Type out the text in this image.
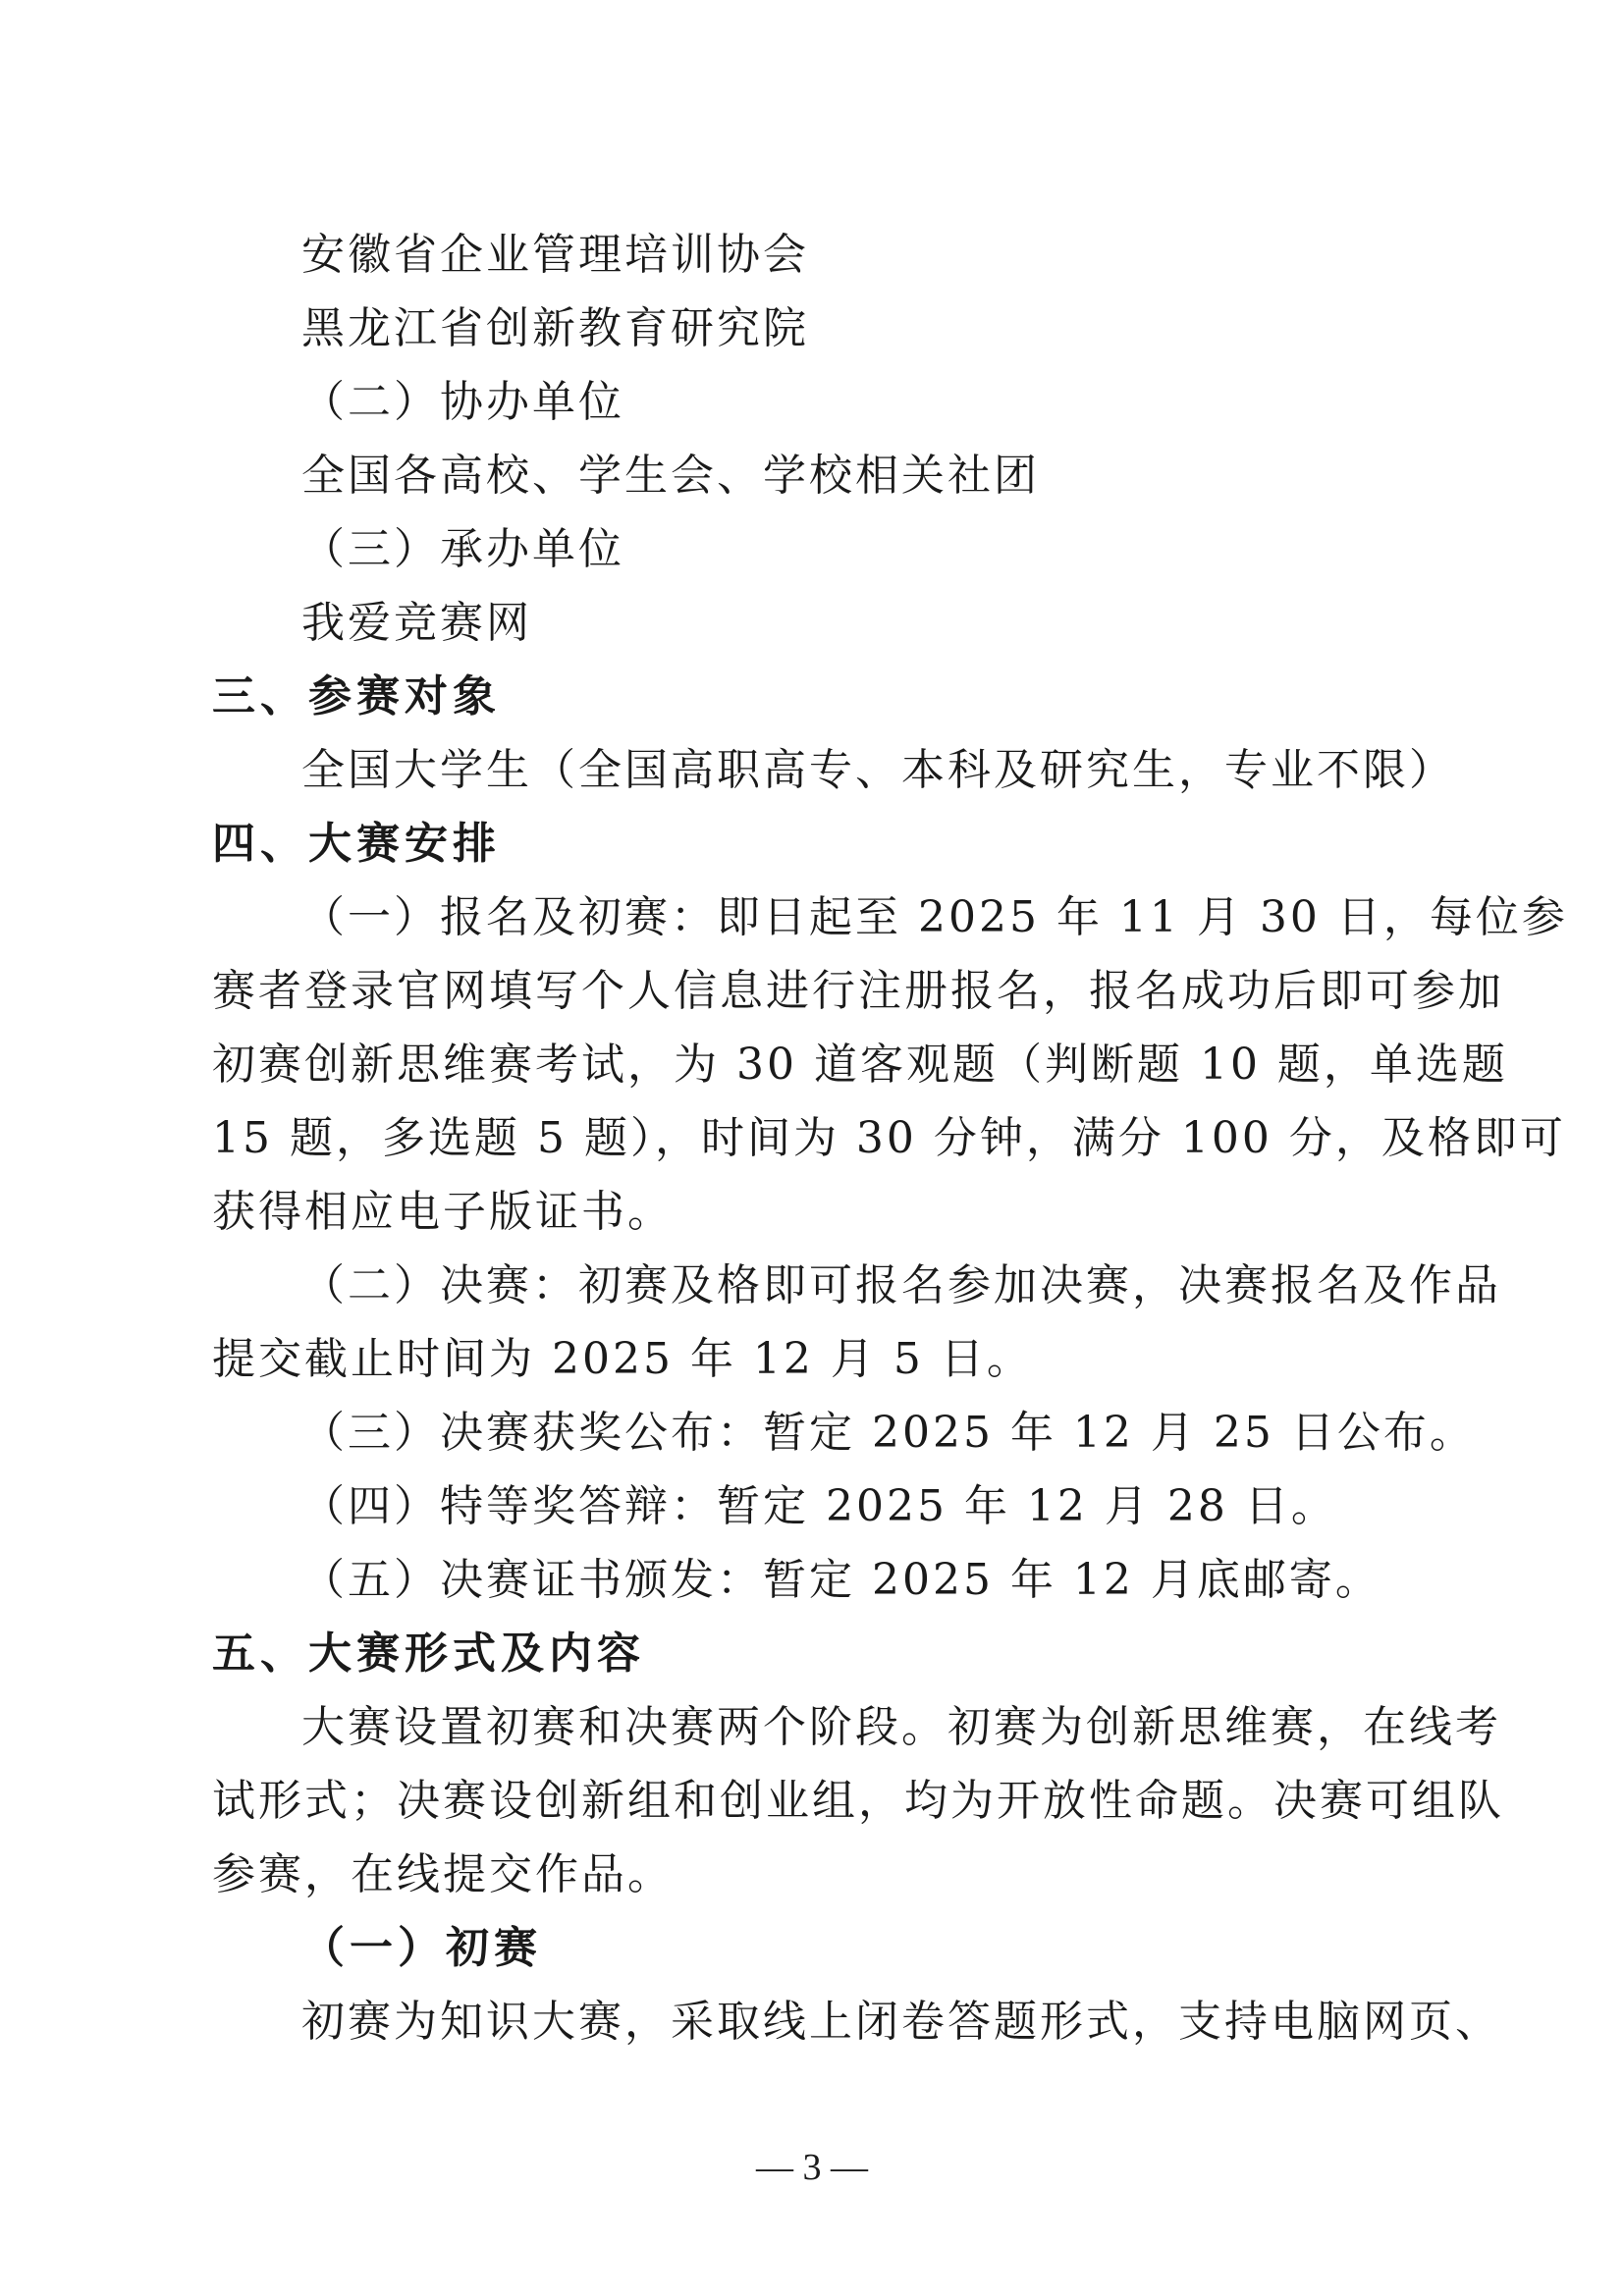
安徽省企业管理培训协会
黑龙江省创新教育研究院
（二）协办单位
全国各高校、学生会、学校相关社团
（三）承办单位
我爱竞赛网
三、参赛对象
全国大学生（全国高职高专、本科及研究生，专业不限）
四、大赛安排
（一）报名及初赛：即日起至 2025 年 11 月 30 日，每位参
赛者登录官网填写个人信息进行注册报名，报名成功后即可参加
初赛创新思维赛考试，为 30 道客观题（判断题 10 题，单选题
15 题，多选题 5 题），时间为 30 分钟，满分 100 分，及格即可
获得相应电子版证书。
（二）决赛：初赛及格即可报名参加决赛，决赛报名及作品
提交截止时间为 2025 年 12 月 5 日。
（三）决赛获奖公布：暂定 2025 年 12 月 25 日公布。
（四）特等奖答辩：暂定 2025 年 12 月 28 日。
（五）决赛证书颁发：暂定 2025 年 12 月底邮寄。
五、大赛形式及内容
大赛设置初赛和决赛两个阶段。初赛为创新思维赛，在线考
试形式；决赛设创新组和创业组，均为开放性命题。决赛可组队
参赛，在线提交作品。
（一）初赛
初赛为知识大赛，采取线上闭卷答题形式，支持电脑网页、
— 3 —
